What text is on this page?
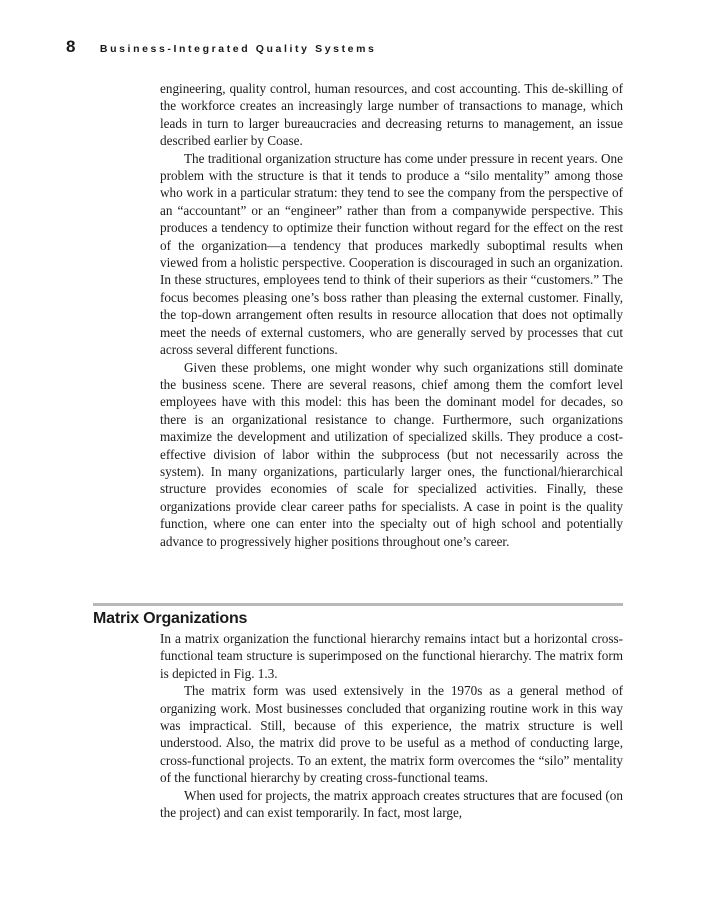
8 Business-Integrated Quality Systems

engineering, quality control, human resources, and cost accounting. This de-skilling of the workforce creates an increasingly large number of transactions to manage, which leads in turn to larger bureaucracies and decreasing returns to management, an issue described earlier by Coase.

The traditional organization structure has come under pressure in recent years. One problem with the structure is that it tends to produce a “silo mentality” among those who work in a particular stratum: they tend to see the company from the perspective of an “accountant” or an “engineer” rather than from a companywide perspective. This produces a tendency to optimize their function without regard for the effect on the rest of the organization—a tendency that produces markedly suboptimal results when viewed from a holistic perspective. Cooperation is discouraged in such an organization. In these structures, employees tend to think of their superiors as their “customers.” The focus becomes pleasing one’s boss rather than pleasing the external customer. Finally, the top-down arrangement often results in resource allocation that does not optimally meet the needs of external customers, who are generally served by processes that cut across several different functions.

Given these problems, one might wonder why such organizations still dominate the business scene. There are several reasons, chief among them the comfort level employees have with this model: this has been the dominant model for decades, so there is an organizational resistance to change. Furthermore, such organizations maximize the development and utilization of specialized skills. They produce a cost-effective division of labor within the subprocess (but not necessarily across the system). In many organizations, particularly larger ones, the functional/hierarchical structure provides economies of scale for specialized activities. Finally, these organizations provide clear career paths for specialists. A case in point is the quality function, where one can enter into the specialty out of high school and potentially advance to progressively higher positions throughout one’s career.

Matrix Organizations

In a matrix organization the functional hierarchy remains intact but a horizontal cross-functional team structure is superimposed on the functional hierarchy. The matrix form is depicted in Fig. 1.3.

The matrix form was used extensively in the 1970s as a general method of organizing work. Most businesses concluded that organizing routine work in this way was impractical. Still, because of this experience, the matrix structure is well understood. Also, the matrix did prove to be useful as a method of conducting large, cross-functional projects. To an extent, the matrix form overcomes the “silo” mentality of the functional hierarchy by creating cross-functional teams.

When used for projects, the matrix approach creates structures that are focused (on the project) and can exist temporarily. In fact, most large,
